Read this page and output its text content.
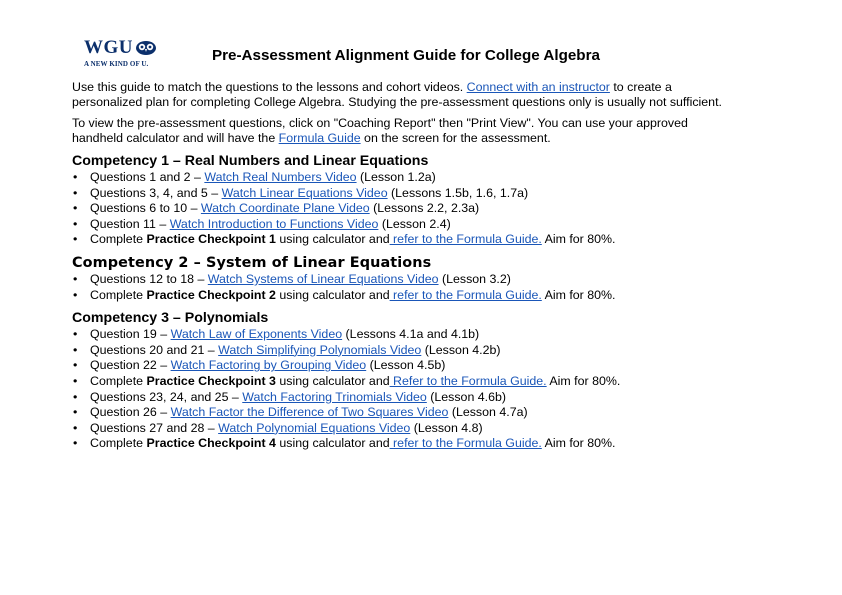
WGU
A NEW KIND OF U.	Pre-Assessment Alignment Guide for College Algebra

Use this guide to match the questions to the lessons and cohort videos. Connect with an instructor to create a personalized plan for completing College Algebra. Studying the pre-assessment questions only is usually not sufficient.

To view the pre-assessment questions, click on "Coaching Report" then "Print View". You can use your approved handheld calculator and will have the Formula Guide on the screen for the assessment.

Competency 1 – Real Numbers and Linear Equations
• Questions 1 and 2 – Watch Real Numbers Video (Lesson 1.2a)
• Questions 3, 4, and 5 – Watch Linear Equations Video (Lessons 1.5b, 1.6, 1.7a)
• Questions 6 to 10 – Watch Coordinate Plane Video (Lessons 2.2, 2.3a)
• Question 11 – Watch Introduction to Functions Video (Lesson 2.4)
• Complete Practice Checkpoint 1 using calculator and refer to the Formula Guide. Aim for 80%.
Competency 2 – System of Linear Equations
• Questions 12 to 18 – Watch Systems of Linear Equations Video (Lesson 3.2)
• Complete Practice Checkpoint 2 using calculator and refer to the Formula Guide. Aim for 80%.
Competency 3 – Polynomials
• Question 19 – Watch Law of Exponents Video (Lessons 4.1a and 4.1b)
• Questions 20 and 21 – Watch Simplifying Polynomials Video (Lesson 4.2b)
• Question 22 – Watch Factoring by Grouping Video (Lesson 4.5b)
• Complete Practice Checkpoint 3 using calculator and Refer to the Formula Guide. Aim for 80%.
• Questions 23, 24, and 25 – Watch Factoring Trinomials Video (Lesson 4.6b)
• Question 26 – Watch Factor the Difference of Two Squares Video (Lesson 4.7a)
• Questions 27 and 28 – Watch Polynomial Equations Video (Lesson 4.8)
• Complete Practice Checkpoint 4 using calculator and refer to the Formula Guide. Aim for 80%.
